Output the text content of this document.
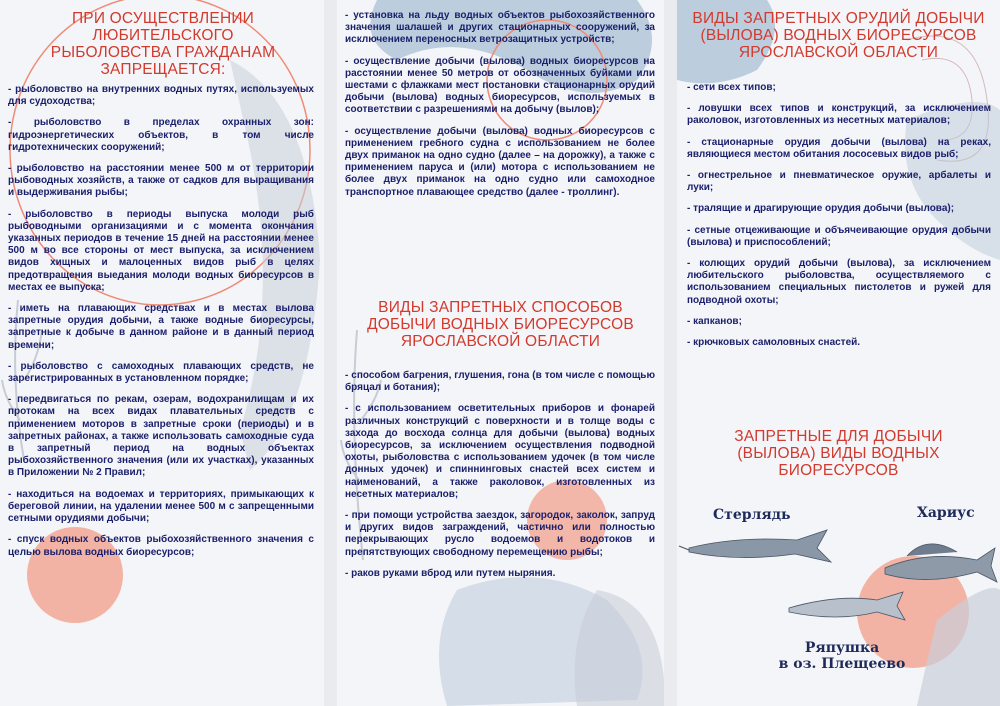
ПРИ ОСУЩЕСТВЛЕНИИ ЛЮБИТЕЛЬСКОГО РЫБОЛОВСТВА ГРАЖДАНАМ ЗАПРЕЩАЕТСЯ:

- рыболовство на внутренних водных путях, используемых для судоходства;

- рыболовство в пределах охранных зон: гидроэнергетических объектов, в том числе гидротехнических сооружений;

- рыболовство на расстоянии менее 500 м от территории рыбоводных хозяйств, а также от садков для выращивания и выдерживания рыбы;

- рыболовство в периоды выпуска молоди рыб рыбоводными организациями и с момента окончания указанных периодов в течение 15 дней на расстоянии менее 500 м во все стороны от мест выпуска, за исключением видов хищных и малоценных видов рыб в целях предотвращения выедания молоди водных биоресурсов в местах ее выпуска;

- иметь на плавающих средствах и в местах вылова запретные орудия добычи, а также водные биоресурсы, запретные к добыче в данном районе и в данный период времени;

- рыболовство с самоходных плавающих средств, не зарегистрированных в установленном порядке;

- передвигаться по рекам, озерам, водохранилищам и их протокам на всех видах плавательных средств с применением моторов в запретные сроки (периоды) и в запретных районах, а также использовать самоходные суда в запретный период на водных объектах рыбохозяйственного значения (или их участках), указанных в Приложении № 2 Правил;

- находиться на водоемах и территориях, примыкающих к береговой линии, на удалении менее 500 м с запрещенными сетными орудиями добычи;

- спуск водных объектов рыбохозяйственного значения с целью вылова водных биоресурсов;

- установка на льду водных объектов рыбохозяйственного значения шалашей и других стационарных сооружений, за исключением переносных ветрозащитных устройств;

- осуществление добычи (вылова) водных биоресурсов на расстоянии менее 50 метров от обозначенных буйками или шестами с флажками мест постановки стационарных орудий добычи (вылова) водных биоресурсов, используемых в соответствии с разрешениями на добычу (вылов);

- осуществление добычи (вылова) водных биоресурсов с применением гребного судна с использованием не более двух приманок на одно судно (далее – на дорожку), а также с применением паруса и (или) мотора с использованием не более двух приманок на одно судно или самоходное транспортное плавающее средство (далее - троллинг).

ВИДЫ ЗАПРЕТНЫХ СПОСОБОВ ДОБЫЧИ ВОДНЫХ БИОРЕСУРСОВ ЯРОСЛАВСКОЙ ОБЛАСТИ

- способом багрения, глушения, гона (в том числе с помощью бряцал и ботания);

- с использованием осветительных приборов и фонарей различных конструкций с поверхности и в толще воды с захода до восхода солнца для добычи (вылова) водных биоресурсов, за исключением осуществления подводной охоты, рыболовства с использованием удочек (в том числе донных удочек) и спиннинговых снастей всех систем и наименований, а также раколовок, изготовленных из несетных материалов;

- при помощи устройства заездок, загородок, заколок, запруд и других видов заграждений, частично или полностью перекрывающих русло водоемов и водотоков и препятствующих свободному перемещению рыбы;

- раков руками вброд или путем ныряния.

ВИДЫ ЗАПРЕТНЫХ ОРУДИЙ ДОБЫЧИ (ВЫЛОВА) ВОДНЫХ БИОРЕСУРСОВ ЯРОСЛАВСКОЙ ОБЛАСТИ

- сети всех типов;

- ловушки всех типов и конструкций, за исключением раколовок, изготовленных из несетных материалов;

- стационарные орудия добычи (вылова) на реках, являющиеся местом обитания лососевых видов рыб;

- огнестрельное и пневматическое оружие, арбалеты и луки;

- тралящие и драгирующие орудия добычи (вылова);

- сетные отцеживающие и объячеивающие орудия добычи (вылова) и приспособлений;

- колющих орудий добычи (вылова), за исключением любительского рыболовства, осуществляемого с использованием специальных пистолетов и ружей для подводной охоты;

- капканов;

- крючковых самоловных снастей.

ЗАПРЕТНЫЕ ДЛЯ ДОБЫЧИ (ВЫЛОВА) ВИДЫ ВОДНЫХ БИОРЕСУРСОВ

Стерлядь	Хариус
Ряпушка
в оз. Плещеево
